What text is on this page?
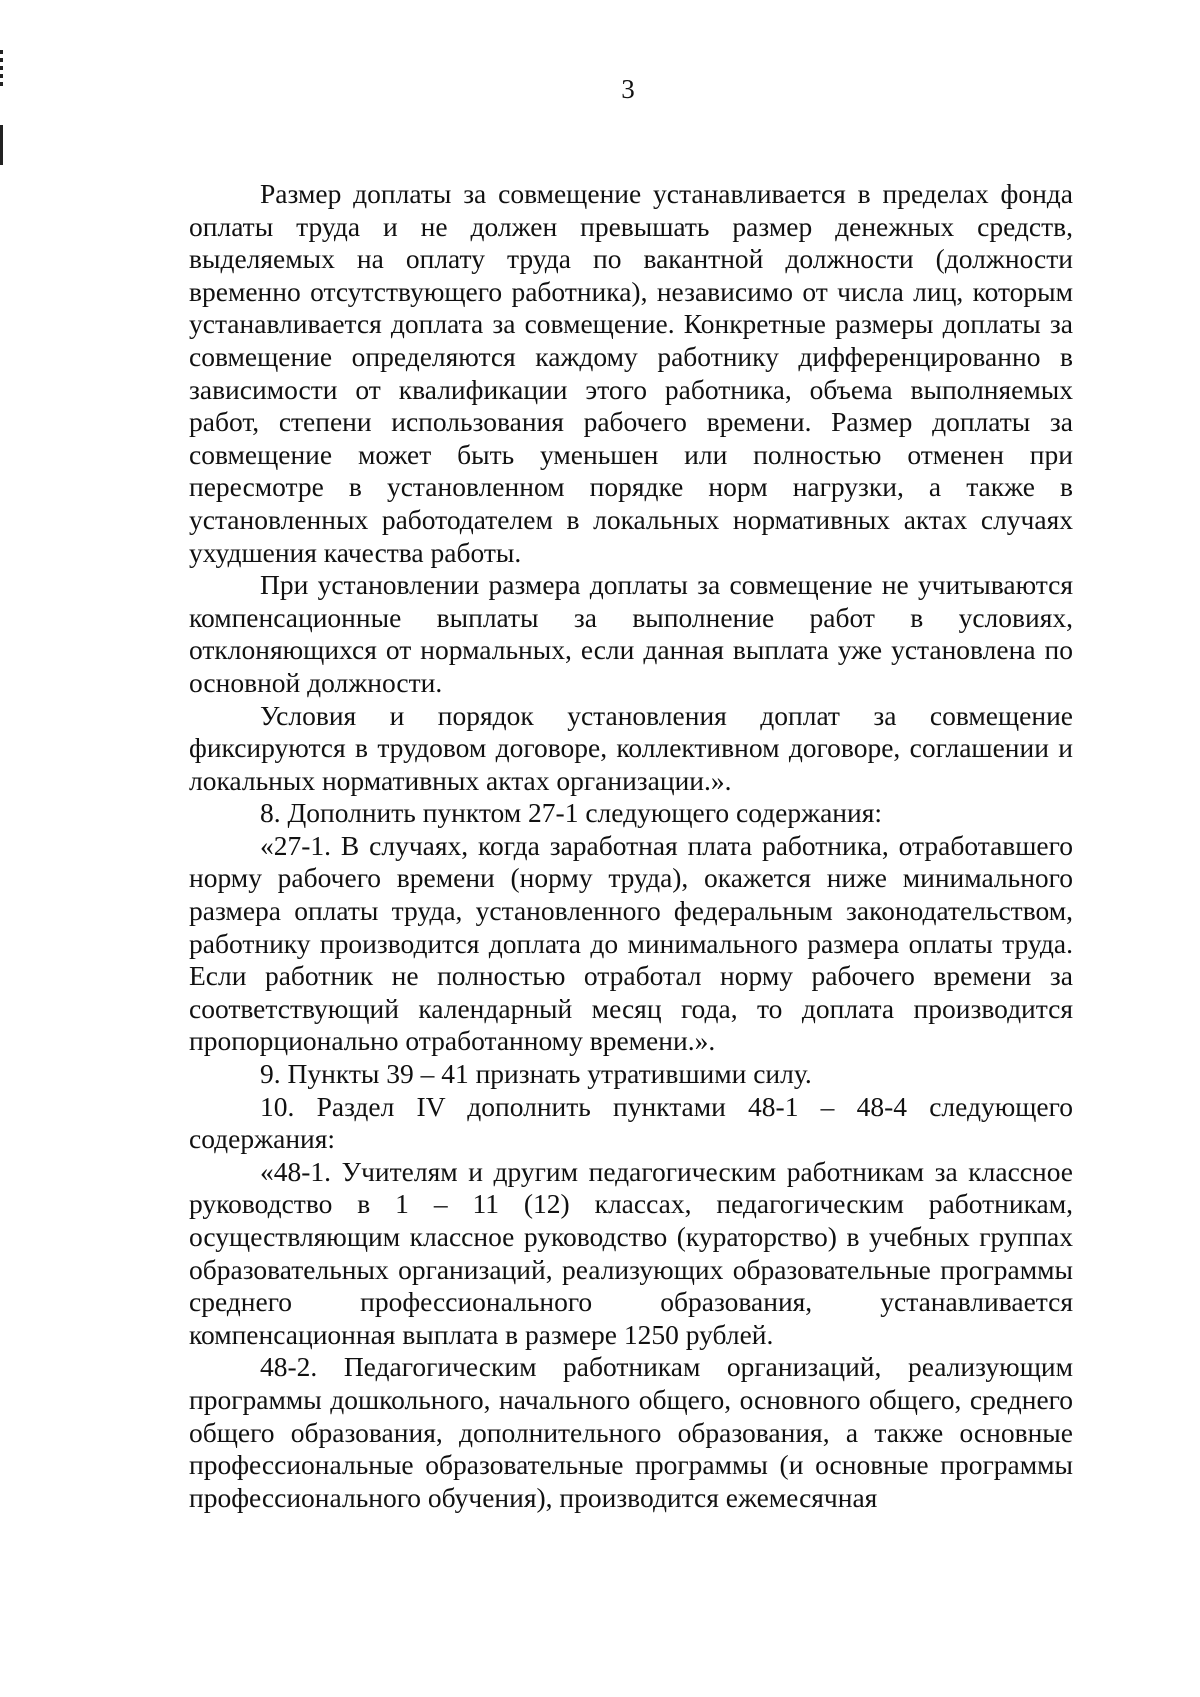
3

Размер доплаты за совмещение устанавливается в пределах фонда оплаты труда и не должен превышать размер денежных средств, выделяемых на оплату труда по вакантной должности (должности временно отсутствующего работника), независимо от числа лиц, которым устанавливается доплата за совмещение. Конкретные размеры доплаты за совмещение определяются каждому работнику дифференцированно в зависимости от квалификации этого работника, объема выполняемых работ, степени использования рабочего времени. Размер доплаты за совмещение может быть уменьшен или полностью отменен при пересмотре в установленном порядке норм нагрузки, а также в установленных работодателем в локальных нормативных актах случаях ухудшения качества работы.

При установлении размера доплаты за совмещение не учитываются компенсационные выплаты за выполнение работ в условиях, отклоняющихся от нормальных, если данная выплата уже установлена по основной должности.

Условия и порядок установления доплат за совмещение фиксируются в трудовом договоре, коллективном договоре, соглашении и локальных нормативных актах организации.».

8. Дополнить пунктом 27-1 следующего содержания:

«27-1. В случаях, когда заработная плата работника, отработавшего норму рабочего времени (норму труда), окажется ниже минимального размера оплаты труда, установленного федеральным законодательством, работнику производится доплата до минимального размера оплаты труда. Если работник не полностью отработал норму рабочего времени за соответствующий календарный месяц года, то доплата производится пропорционально отработанному времени.».

9. Пункты 39 – 41 признать утратившими силу.

10. Раздел IV дополнить пунктами 48-1 – 48-4 следующего содержания:

«48-1. Учителям и другим педагогическим работникам за классное руководство в 1 – 11 (12) классах, педагогическим работникам, осуществляющим классное руководство (кураторство) в учебных группах образовательных организаций, реализующих образовательные программы среднего профессионального образования, устанавливается компенсационная выплата в размере 1250 рублей.

48-2. Педагогическим работникам организаций, реализующим программы дошкольного, начального общего, основного общего, среднего общего образования, дополнительного образования, а также основные профессиональные образовательные программы (и основные программы профессионального обучения), производится ежемесячная
